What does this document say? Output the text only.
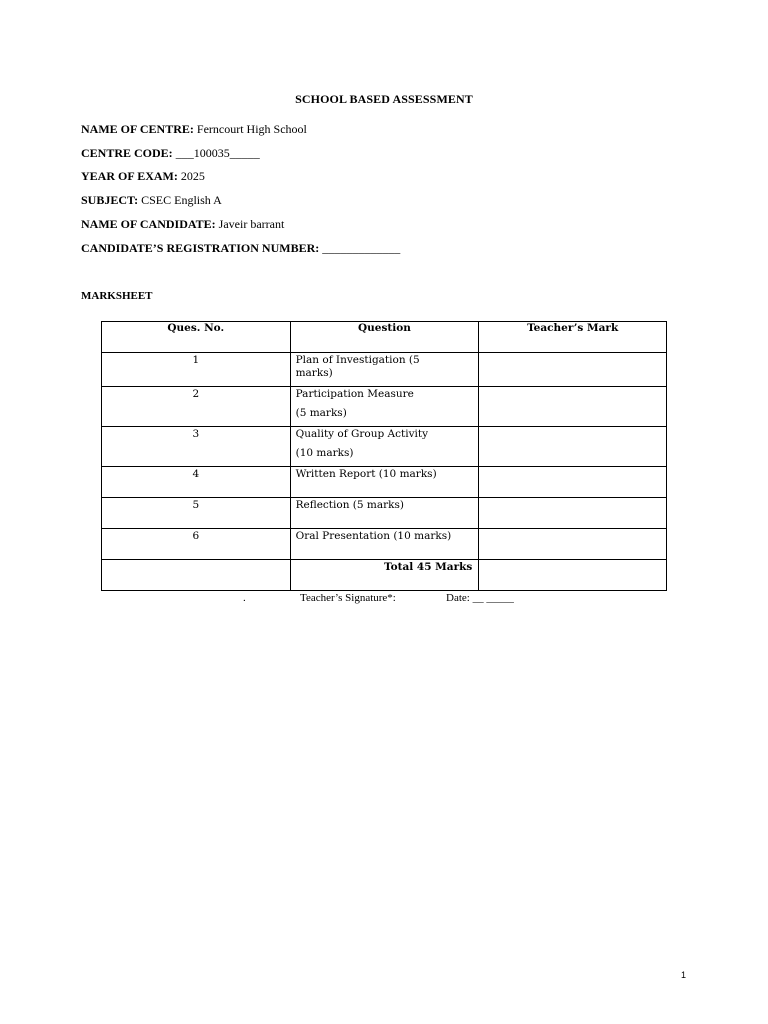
SCHOOL BASED ASSESSMENT
NAME OF CENTRE: Ferncourt High School
CENTRE CODE: ___100035_____
YEAR OF EXAM: 2025
SUBJECT: CSEC English A
NAME OF CANDIDATE: Javeir barrant
CANDIDATE’S REGISTRATION NUMBER: _____________
MARKSHEET
Ques. No.	Question	Teacher’s Mark

1	Plan of Investigation (5
marks)	

2	Participation Measure
(5 marks)	

3	Quality of Group Activity
(10 marks)	

4	Written Report (10 marks)	

5	Reflection (5 marks)	

6	Oral Presentation (10 marks)	

	Total 45 Marks	

.	Teacher’s Signature*:	Date: __ _____
1
